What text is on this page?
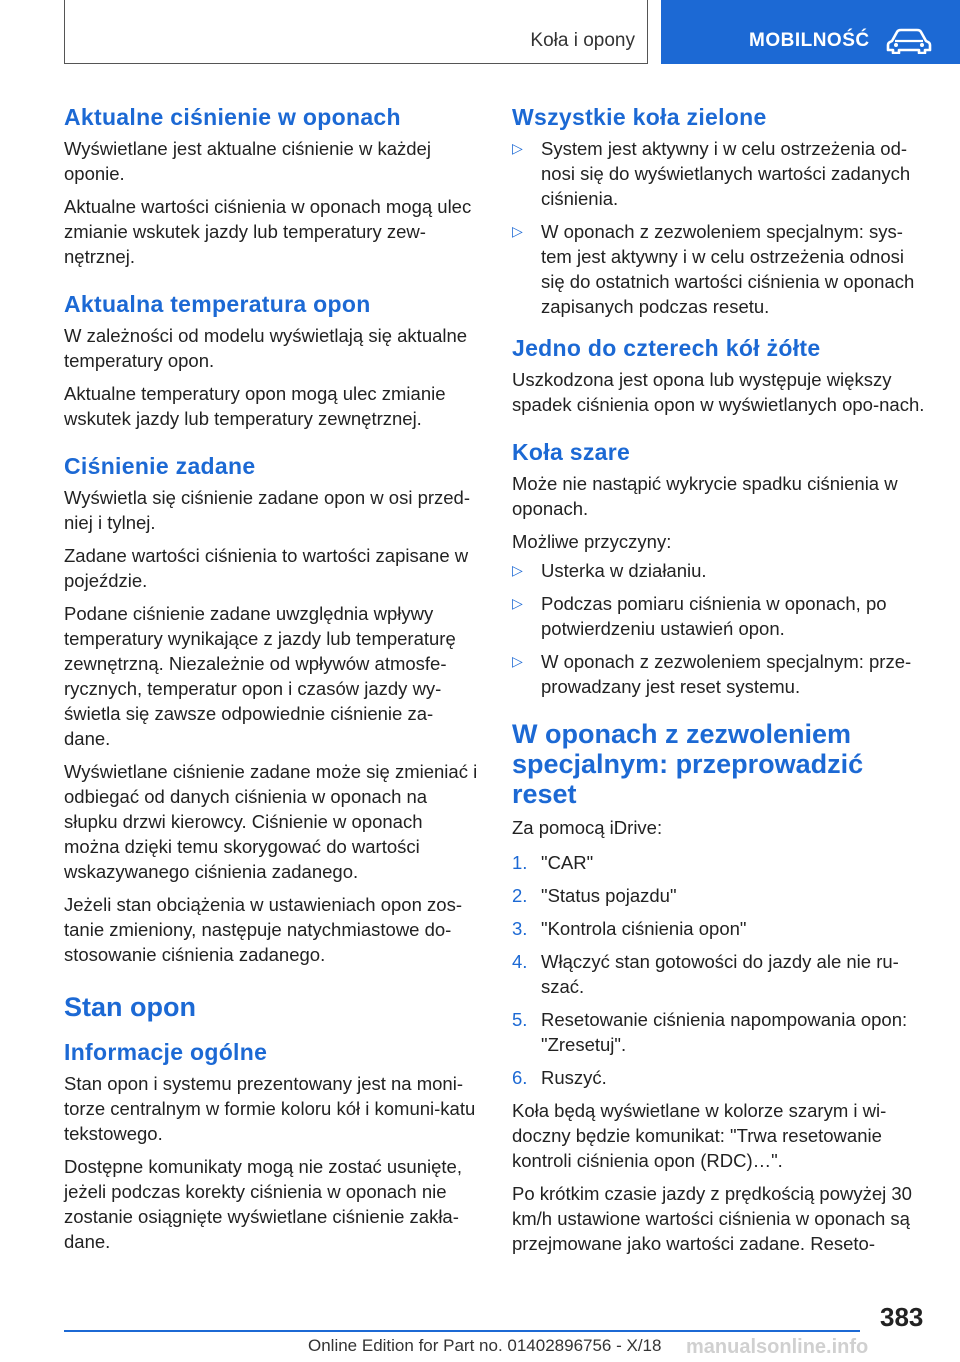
Koła i opony	MOBILNOŚĆ
Aktualne ciśnienie w oponach

Wyświetlane jest aktualne ciśnienie w każdej oponie.

Aktualne wartości ciśnienia w oponach mogą ulec zmianie wskutek jazdy lub temperatury zew‐nętrznej.

Aktualna temperatura opon

W zależności od modelu wyświetlają się aktualne temperatury opon.

Aktualne temperatury opon mogą ulec zmianie wskutek jazdy lub temperatury zewnętrznej.

Ciśnienie zadane

Wyświetla się ciśnienie zadane opon w osi przed‐niej i tylnej.

Zadane wartości ciśnienia to wartości zapisane w pojeździe.

Podane ciśnienie zadane uwzględnia wpływy temperatury wynikające z jazdy lub temperaturę zewnętrzną. Niezależnie od wpływów atmosfe‐rycznych, temperatur opon i czasów jazdy wy‐świetla się zawsze odpowiednie ciśnienie za‐dane.

Wyświetlane ciśnienie zadane może się zmieniać i odbiegać od danych ciśnienia w oponach na słupku drzwi kierowcy. Ciśnienie w oponach można dzięki temu skorygować do wartości wskazywanego ciśnienia zadanego.

Jeżeli stan obciążenia w ustawieniach opon zos‐tanie zmieniony, następuje natychmiastowe do‐stosowanie ciśnienia zadanego.

Stan opon
Informacje ogólne

Stan opon i systemu prezentowany jest na moni‐torze centralnym w formie koloru kół i komuni‐katu tekstowego.

Dostępne komunikaty mogą nie zostać usunięte, jeżeli podczas korekty ciśnienia w oponach nie zostanie osiągnięte wyświetlane ciśnienie zakła‐dane.

Wszystkie koła zielone
▷ System jest aktywny i w celu ostrzeżenia od‐nosi się do wyświetlanych wartości zadanych ciśnienia.
▷ W oponach z zezwoleniem specjalnym: sys‐tem jest aktywny i w celu ostrzeżenia odnosi się do ostatnich wartości ciśnienia w oponach zapisanych podczas resetu.
Jedno do czterech kół żółte

Uszkodzona jest opona lub występuje większy spadek ciśnienia opon w wyświetlanych opo‐nach.

Koła szare

Może nie nastąpić wykrycie spadku ciśnienia w oponach.

Możliwe przyczyny:

▷ Usterka w działaniu.
▷ Podczas pomiaru ciśnienia w oponach, po potwierdzeniu ustawień opon.
▷ W oponach z zezwoleniem specjalnym: prze‐prowadzany jest reset systemu.
W oponach z zezwoleniem
specjalnym: przeprowadzić reset

Za pomocą iDrive:

1. "CAR"
2. "Status pojazdu"
3. "Kontrola ciśnienia opon"
4. Włączyć stan gotowości do jazdy ale nie ru‐szać.
5. Resetowanie ciśnienia napompowania opon: "Zresetuj".
6. Ruszyć.

Koła będą wyświetlane w kolorze szarym i wi‐doczny będzie komunikat: "Trwa resetowanie kontroli ciśnienia opon (RDC)…".

Po krótkim czasie jazdy z prędkością powyżej 30 km/h ustawione wartości ciśnienia w oponach są przejmowane jako wartości zadane. Reseto‐

383
Online Edition for Part no. 01402896756 - X/18 manualsonline.info
